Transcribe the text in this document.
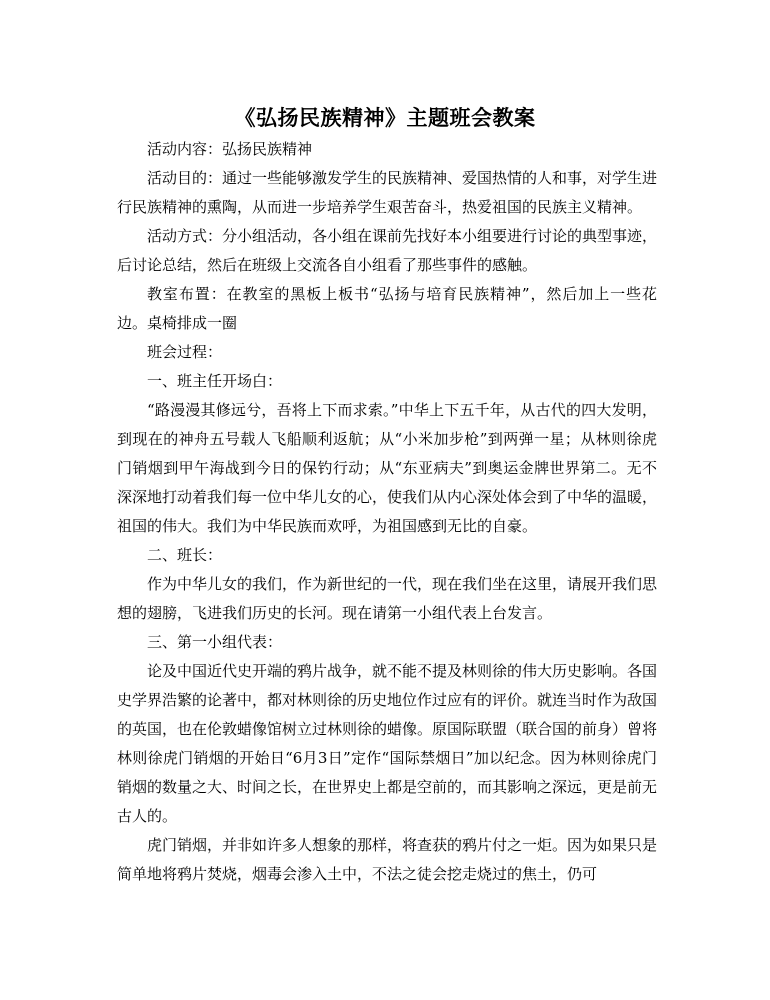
《弘扬民族精神》主题班会教案

活动内容：弘扬民族精神

活动目的：通过一些能够激发学生的民族精神、爱国热情的人和事，对学生进行民族精神的熏陶，从而进一步培养学生艰苦奋斗，热爱祖国的民族主义精神。

活动方式：分小组活动，各小组在课前先找好本小组要进行讨论的典型事迹，后讨论总结，然后在班级上交流各自小组看了那些事件的感触。

教室布置：在教室的黑板上板书“弘扬与培育民族精神”，然后加上一些花边。桌椅排成一圈

班会过程：

一、班主任开场白：

“路漫漫其修远兮，吾将上下而求索。”中华上下五千年，从古代的四大发明，到现在的神舟五号载人飞船顺利返航；从“小米加步枪”到两弹一星；从林则徐虎门销烟到甲午海战到今日的保钓行动；从“东亚病夫”到奥运金牌世界第二。无不深深地打动着我们每一位中华儿女的心，使我们从内心深处体会到了中华的温暖，祖国的伟大。我们为中华民族而欢呼，为祖国感到无比的自豪。

二、班长：

作为中华儿女的我们，作为新世纪的一代，现在我们坐在这里，请展开我们思想的翅膀，飞进我们历史的长河。现在请第一小组代表上台发言。

三、第一小组代表：

论及中国近代史开端的鸦片战争，就不能不提及林则徐的伟大历史影响。各国史学界浩繁的论著中，都对林则徐的历史地位作过应有的评价。就连当时作为敌国的英国，也在伦敦蜡像馆树立过林则徐的蜡像。原国际联盟（联合国的前身）曾将林则徐虎门销烟的开始日“6月3日”定作“国际禁烟日”加以纪念。因为林则徐虎门销烟的数量之大、时间之长，在世界史上都是空前的，而其影响之深远，更是前无古人的。

虎门销烟，并非如许多人想象的那样，将查获的鸦片付之一炬。因为如果只是简单地将鸦片焚烧，烟毒会渗入土中，不法之徒会挖走烧过的焦土，仍可
